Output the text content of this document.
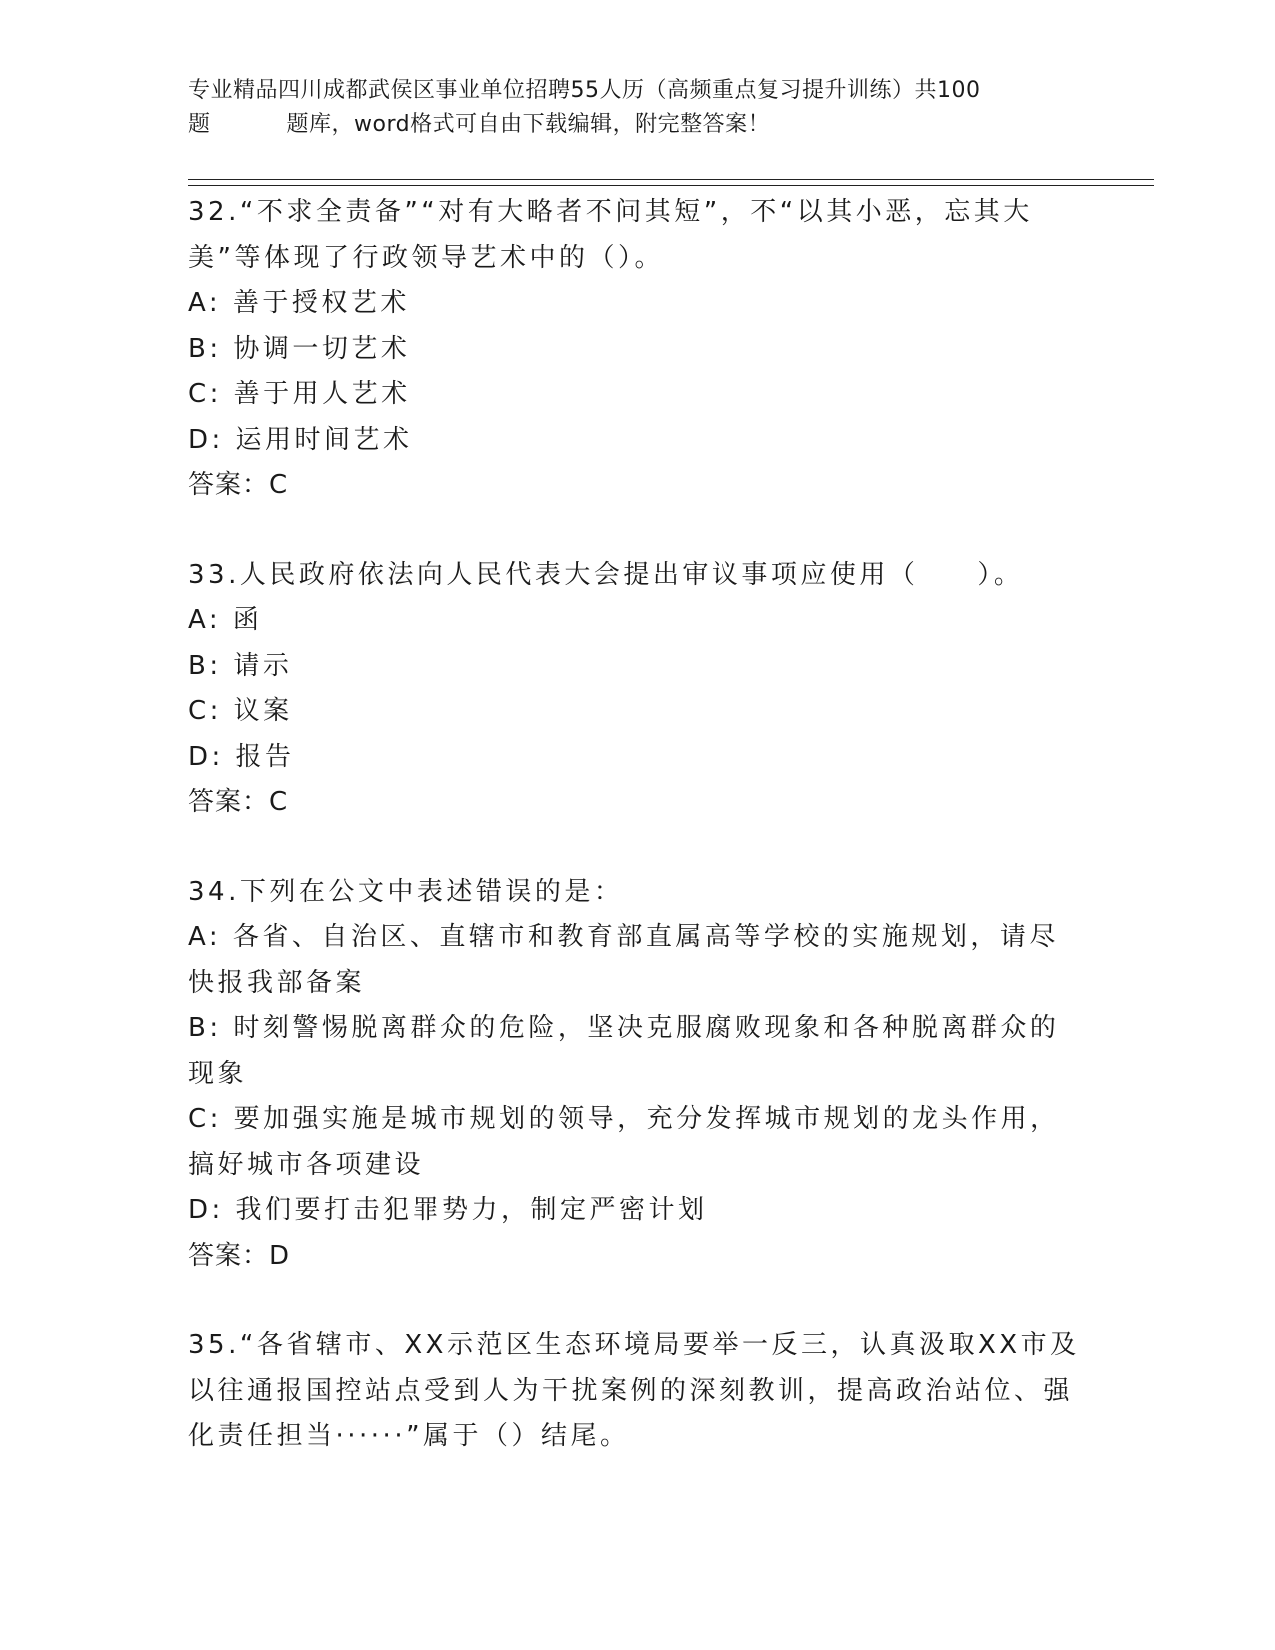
专业精品四川成都武侯区事业单位招聘55人历（高频重点复习提升训练）共100
题	题库，word格式可自由下载编辑，附完整答案！

32.“不求全责备”“对有大略者不问其短”，不“以其小恶，忘其大美”等体现了行政领导艺术中的（）。

A: 善于授权艺术

B: 协调一切艺术

C: 善于用人艺术

D: 运用时间艺术

答案：C

33.人民政府依法向人民代表大会提出审议事项应使用（　　）。

A: 函

B: 请示

C: 议案

D: 报告

答案：C

34.下列在公文中表述错误的是：

A: 各省、自治区、直辖市和教育部直属高等学校的实施规划，请尽快报我部备案

B: 时刻警惕脱离群众的危险，坚决克服腐败现象和各种脱离群众的现象

C: 要加强实施是城市规划的领导，充分发挥城市规划的龙头作用，搞好城市各项建设

D: 我们要打击犯罪势力，制定严密计划

答案：D

35.“各省辖市、XX示范区生态环境局要举一反三，认真汲取XX市及以往通报国控站点受到人为干扰案例的深刻教训，提高政治站位、强化责任担当······”属于（）结尾。
